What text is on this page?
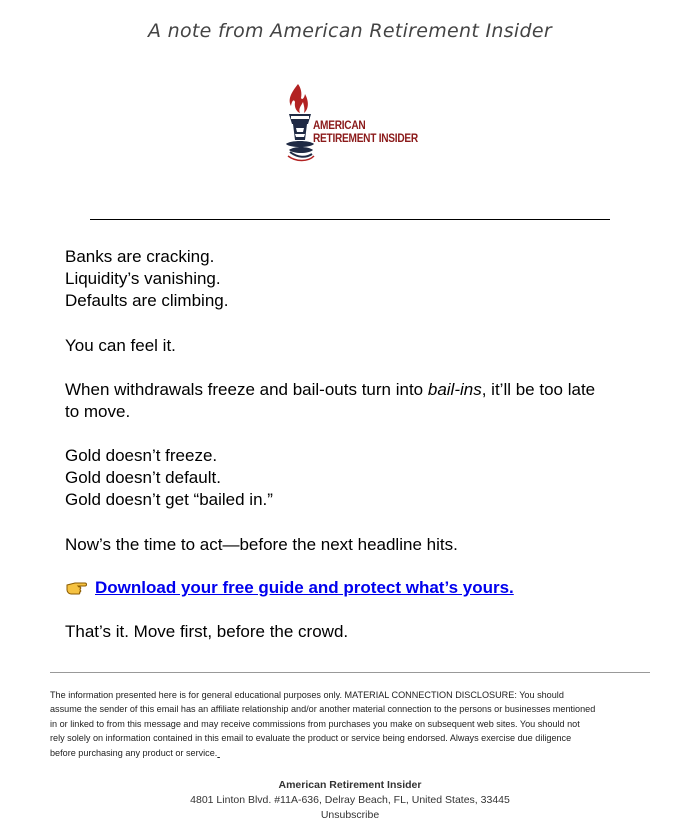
A note from American Retirement Insider
AMERICAN
RETIREMENT INSIDER
Banks are cracking.
Liquidity’s vanishing.
Defaults are climbing.
You can feel it.
When withdrawals freeze and bail-outs turn into bail-ins, it’ll be too late
to move.
Gold doesn’t freeze.
Gold doesn’t default.
Gold doesn’t get “bailed in.”
Now’s the time to act—before the next headline hits.
Download your free guide and protect what’s yours.
That’s it. Move first, before the crowd.
The information presented here is for general educational purposes only. MATERIAL CONNECTION DISCLOSURE: You should
assume the sender of this email has an affiliate relationship and/or another material connection to the persons or businesses mentioned
in or linked to from this message and may receive commissions from purchases you make on subsequent web sites. You should not
rely solely on information contained in this email to evaluate the product or service being endorsed. Always exercise due diligence
before purchasing any product or service.
American Retirement Insider
4801 Linton Blvd. #11A-636, Delray Beach, FL, United States, 33445
Unsubscribe
